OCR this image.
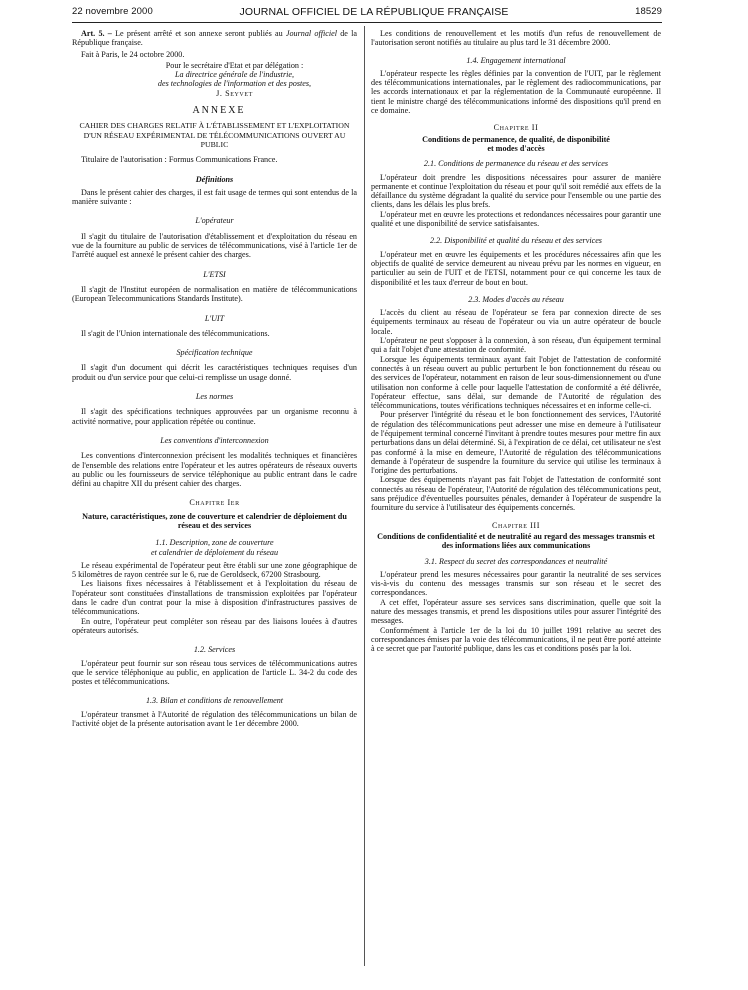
22 novembre 2000	JOURNAL OFFICIEL DE LA RÉPUBLIQUE FRANÇAISE	18529

Art. 5. – Le présent arrêté et son annexe seront publiés au Journal officiel de la République française.

Fait à Paris, le 24 octobre 2000.

Pour le secrétaire d'Etat et par délégation :

La directrice générale de l'industrie,

des technologies de l'information et des postes,

J. Seyvet

ANNEXE

CAHIER DES CHARGES RELATIF À L'ÉTABLISSEMENT ET L'EXPLOITATION D'UN RÉSEAU EXPÉRIMENTAL DE TÉLÉCOMMUNICATIONS OUVERT AU PUBLIC

Titulaire de l'autorisation : Formus Communications France.

Définitions

Dans le présent cahier des charges, il est fait usage de termes qui sont entendus de la manière suivante :

L'opérateur

Il s'agit du titulaire de l'autorisation d'établissement et d'exploitation du réseau en vue de la fourniture au public de services de télécommunications, visé à l'article 1er de l'arrêté auquel est annexé le présent cahier des charges.

L'ETSI

Il s'agit de l'Institut européen de normalisation en matière de télécommunications (European Telecommunications Standards Institute).

L'UIT

Il s'agit de l'Union internationale des télécommunications.

Spécification technique

Il s'agit d'un document qui décrit les caractéristiques techniques requises d'un produit ou d'un service pour que celui-ci remplisse un usage donné.

Les normes

Il s'agit des spécifications techniques approuvées par un organisme reconnu à activité normative, pour application répétée ou continue.

Les conventions d'interconnexion

Les conventions d'interconnexion précisent les modalités techniques et financières de l'ensemble des relations entre l'opérateur et les autres opérateurs de réseaux ouverts au public ou les fournisseurs de service téléphonique au public entrant dans le cadre défini au chapitre XII du présent cahier des charges.

Chapitre Ier

Nature, caractéristiques, zone de couverture et calendrier de déploiement du réseau et des services

1.1. Description, zone de couverture

et calendrier de déploiement du réseau

Le réseau expérimental de l'opérateur peut être établi sur une zone géographique de 5 kilomètres de rayon centrée sur le 6, rue de Geroldseck, 67200 Strasbourg.

Les liaisons fixes nécessaires à l'établissement et à l'exploitation du réseau de l'opérateur sont constituées d'installations de transmission exploitées par l'opérateur dans le cadre d'un contrat pour la mise à disposition d'infrastructures passives de télécommunications.

En outre, l'opérateur peut compléter son réseau par des liaisons louées à d'autres opérateurs autorisés.

1.2. Services

L'opérateur peut fournir sur son réseau tous services de télécommunications autres que le service téléphonique au public, en application de l'article L. 34-2 du code des postes et télécommunications.

1.3. Bilan et conditions de renouvellement

L'opérateur transmet à l'Autorité de régulation des télécommunications un bilan de l'activité objet de la présente autorisation avant le 1er décembre 2000.

Les conditions de renouvellement et les motifs d'un refus de renouvellement de l'autorisation seront notifiés au titulaire au plus tard le 31 décembre 2000.

1.4. Engagement international

L'opérateur respecte les règles définies par la convention de l'UIT, par le règlement des télécommunications internationales, par le règlement des radiocommunications, par les accords internationaux et par la réglementation de la Communauté européenne. Il tient le ministre chargé des télécommunications informé des dispositions qu'il prend en ce domaine.

Chapitre II

Conditions de permanence, de qualité, de disponibilité et modes d'accès

2.1. Conditions de permanence du réseau et des services

L'opérateur doit prendre les dispositions nécessaires pour assurer de manière permanente et continue l'exploitation du réseau et pour qu'il soit remédié aux effets de la défaillance du système dégradant la qualité du service pour l'ensemble ou une partie des clients, dans les délais les plus brefs.

L'opérateur met en œuvre les protections et redondances nécessaires pour garantir une qualité et une disponibilité de service satisfaisantes.

2.2. Disponibilité et qualité du réseau et des services

L'opérateur met en œuvre les équipements et les procédures nécessaires afin que les objectifs de qualité de service demeurent au niveau prévu par les normes en vigueur, en particulier au sein de l'UIT et de l'ETSI, notamment pour ce qui concerne les taux de disponibilité et les taux d'erreur de bout en bout.

2.3. Modes d'accès au réseau

L'accès du client au réseau de l'opérateur se fera par connexion directe de ses équipements terminaux au réseau de l'opérateur ou via un autre opérateur de boucle locale.

L'opérateur ne peut s'opposer à la connexion, à son réseau, d'un équipement terminal qui a fait l'objet d'une attestation de conformité.

Lorsque les équipements terminaux ayant fait l'objet de l'attestation de conformité connectés à un réseau ouvert au public perturbent le bon fonctionnement du réseau ou des services de l'opérateur, notamment en raison de leur sous-dimensionnement ou d'une utilisation non conforme à celle pour laquelle l'attestation de conformité a été délivrée, l'opérateur effectue, sans délai, sur demande de l'Autorité de régulation des télécommunications, toutes vérifications techniques nécessaires et en informe celle-ci.

Pour préserver l'intégrité du réseau et le bon fonctionnement des services, l'Autorité de régulation des télécommunications peut adresser une mise en demeure à l'utilisateur de l'équipement terminal concerné l'invitant à prendre toutes mesures pour mettre fin aux perturbations dans un délai déterminé. Si, à l'expiration de ce délai, cet utilisateur ne s'est pas conformé à la mise en demeure, l'Autorité de régulation des télécommunications demande à l'opérateur de suspendre la fourniture du service qui utilise les terminaux à l'origine des perturbations.

Lorsque des équipements n'ayant pas fait l'objet de l'attestation de conformité sont connectés au réseau de l'opérateur, l'Autorité de régulation des télécommunications peut, sans préjudice d'éventuelles poursuites pénales, demander à l'opérateur de suspendre la fourniture du service à l'utilisateur des équipements concernés.

Chapitre III

Conditions de confidentialité et de neutralité au regard des messages transmis et des informations liées aux communications

3.1. Respect du secret des correspondances et neutralité

L'opérateur prend les mesures nécessaires pour garantir la neutralité de ses services vis-à-vis du contenu des messages transmis sur son réseau et le secret des correspondances.

A cet effet, l'opérateur assure ses services sans discrimination, quelle que soit la nature des messages transmis, et prend les dispositions utiles pour assurer l'intégrité des messages.

Conformément à l'article 1er de la loi du 10 juillet 1991 relative au secret des correspondances émises par la voie des télécommunications, il ne peut être porté atteinte à ce secret que par l'autorité publique, dans les cas et conditions posés par la loi.
